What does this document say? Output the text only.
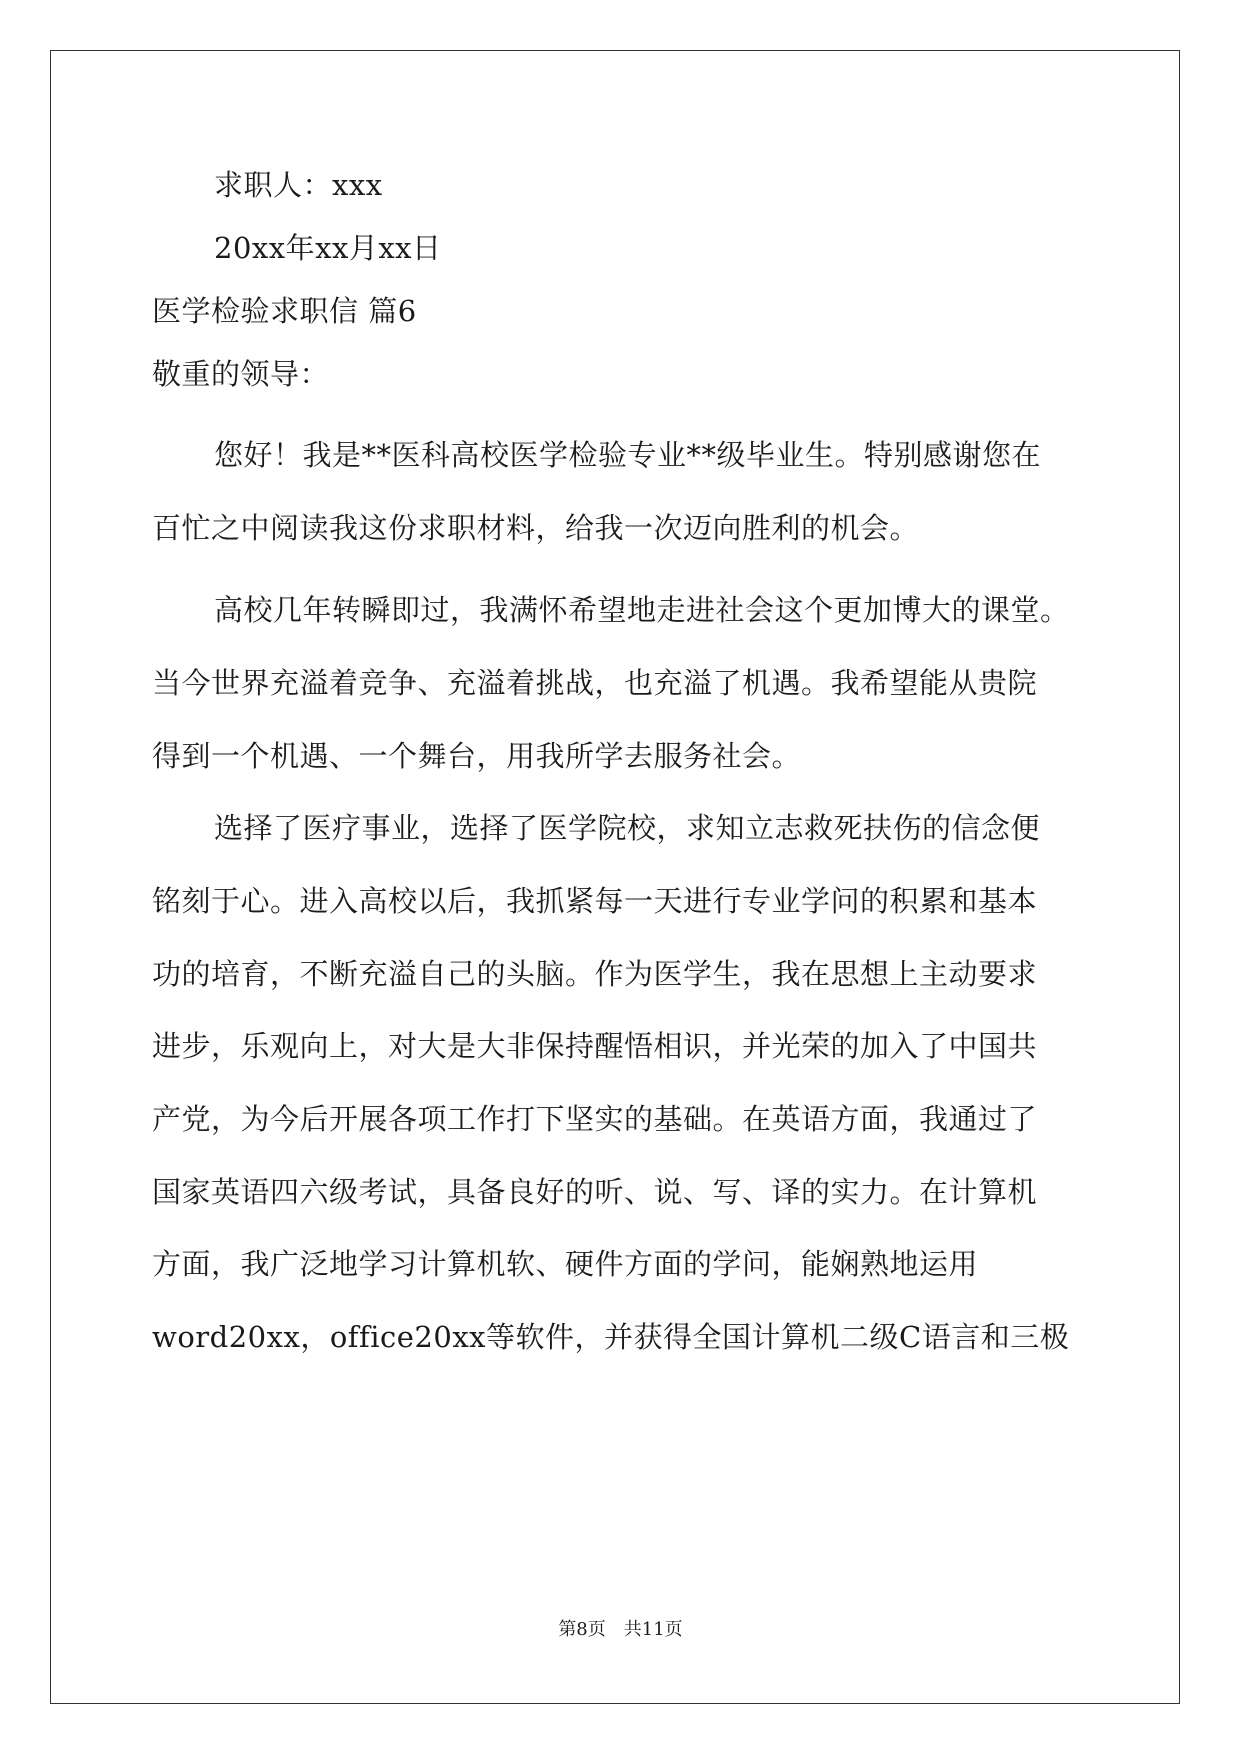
求职人：xxx
20xx年xx月xx日
医学检验求职信 篇6
敬重的领导：
您好！我是**医科高校医学检验专业**级毕业生。特别感谢您在
百忙之中阅读我这份求职材料，给我一次迈向胜利的机会。
高校几年转瞬即过，我满怀希望地走进社会这个更加博大的课堂。
当今世界充溢着竞争、充溢着挑战，也充溢了机遇。我希望能从贵院
得到一个机遇、一个舞台，用我所学去服务社会。
选择了医疗事业，选择了医学院校，求知立志救死扶伤的信念便
铭刻于心。进入高校以后，我抓紧每一天进行专业学问的积累和基本
功的培育，不断充溢自己的头脑。作为医学生，我在思想上主动要求
进步，乐观向上，对大是大非保持醒悟相识，并光荣的加入了中国共
产党，为今后开展各项工作打下坚实的基础。在英语方面，我通过了
国家英语四六级考试，具备良好的听、说、写、译的实力。在计算机
方面，我广泛地学习计算机软、硬件方面的学问，能娴熟地运用
word20xx，office20xx等软件，并获得全国计算机二级C语言和三极
第8页　共11页
